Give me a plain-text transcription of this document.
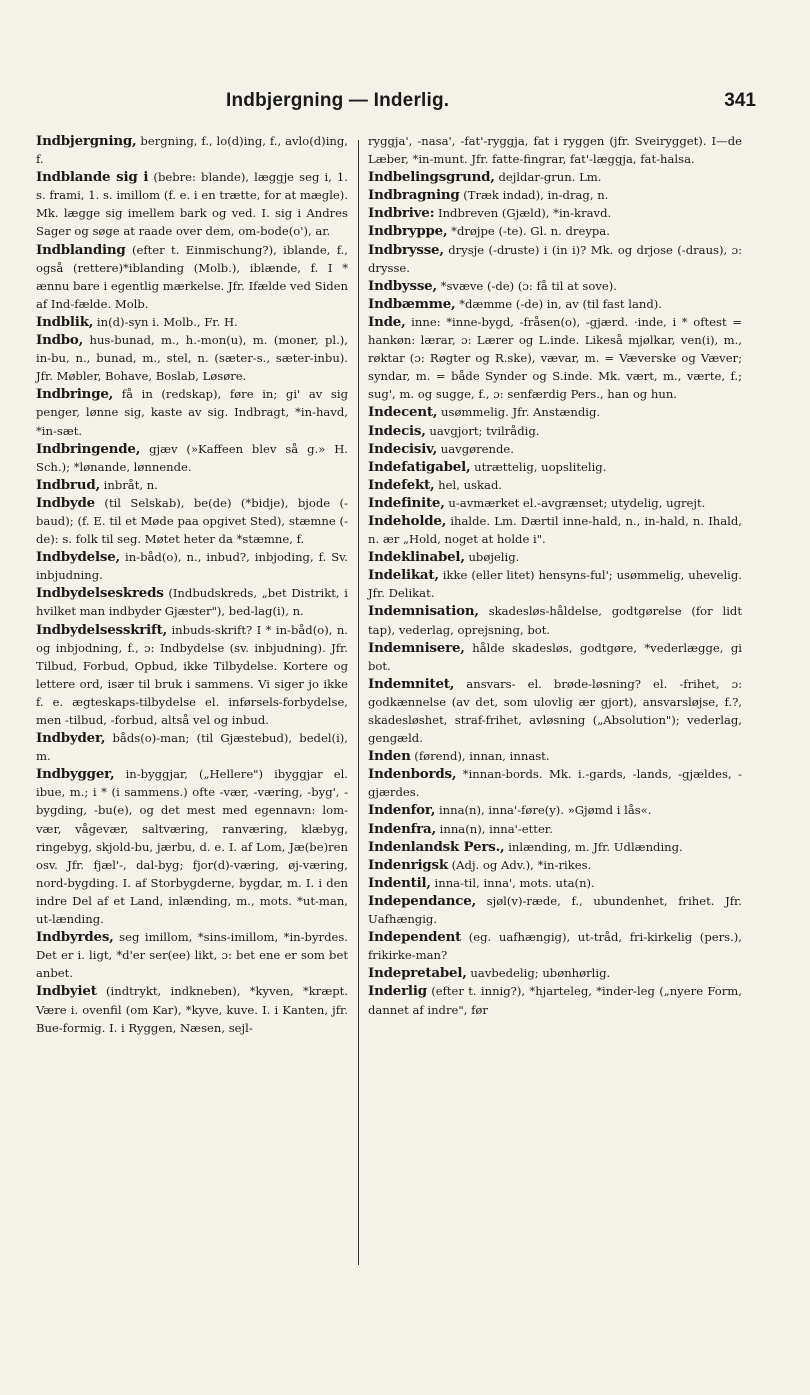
Indbjergning — Inderlig.	341

Indbjergning, bergning, f., lo(d)ing, f., avlo(d)ing, f.

Indblande sig i (bebre: blande), læggje seg i, 1. s. frami, 1. s. imillom (f. e. i en trætte, for at mægle). Mk. lægge sig imellem bark og ved. I. sig i Andres Sager og søge at raade over dem, om-bode(o'), ar.

Indblanding (efter t. Einmischung?), iblande, f., også (rettere)*iblanding (Molb.), iblænde, f. I * ænnu bare i egentlig mærkelse. Jfr. Ifælde ved Siden af Ind-fælde. Molb.

Indblik, in(d)-syn i. Molb., Fr. H.

Indbo, hus-bunad, m., h.-mon(u), m. (moner, pl.), in-bu, n., bunad, m., stel, n. (sæter-s., sæter-inbu). Jfr. Møbler, Bohave, Boslab, Løsøre.

Indbringe, få in (redskap), føre in; gi' av sig penger, lønne sig, kaste av sig. Indbragt, *in-havd, *in-sæt.

Indbringende, gjæv (»Kaffeen blev så g.» H. Sch.); *lønande, lønnende.

Indbrud, inbråt, n.

Indbyde (til Selskab), be(de) (*bidje), bjode (-baud); (f. E. til et Møde paa opgivet Sted), stæmne (-de): s. folk til seg. Møtet heter da *stæmne, f.

Indbydelse, in-båd(o), n., inbud?, inbjoding, f. Sv. inbjudning.

Indbydelseskreds (Indbudskreds, „bet Distrikt, i hvilket man indbyder Gjæster"), bed-lag(i), n.

Indbydelsesskrift, inbuds-skrift? I * in-båd(o), n. og inbjodning, f., ɔ: Indbydelse (sv. inbjudning). Jfr. Tilbud, Forbud, Opbud, ikke Tilbydelse. Kortere og lettere ord, især til bruk i sammens. Vi siger jo ikke f. e. ægteskaps-tilbydelse el. inførsels-forbydelse, men -tilbud, -forbud, altså vel og inbud.

Indbyder, båds(o)-man; (til Gjæstebud), bedel(i), m.

Indbygger, in-byggjar, („Hellere") ibyggjar el. ibue, m.; i * (i sammens.) ofte -vær, -væring, -byg', -bygding, -bu(e), og det mest med egennavn: lom-vær, vågevær, saltværing, ranværing, klæbyg, ringebyg, skjold-bu, jærbu, d. e. I. af Lom, Jæ(be)ren osv. Jfr. fjæl'-, dal-byg; fjor(d)-væring, øj-væring, nord-bygding. I. af Storbygderne, bygdar, m. I. i den indre Del af et Land, inlænding, m., mots. *ut-man, ut-lænding.

Indbyrdes, seg imillom, *sins-imillom, *in-byrdes. Det er i. ligt, *d'er ser(ee) likt, ɔ: bet ene er som bet anbet.

Indbyiet (indtrykt, indkneben), *kyven, *kræpt. Være i. ovenfil (om Kar), *kyve, kuve. I. i Kanten, jfr. Bue-formig. I. i Ryggen, Næsen, sejl-

ryggja', -nasa', -fat'-ryggja, fat i ryggen (jfr. Sveirygget). I—de Læber, *in-munt. Jfr. fatte-fingrar, fat'-læggja, fat-halsa.

Indbelingsgrund, dejldar-grun. Lm.

Indbragning (Træk indad), in-drag, n.

Indbrive: Indbreven (Gjæld), *in-kravd.

Indbryppe, *drøjpe (-te). Gl. n. dreypa.

Indbrysse, drysje (-druste) i (in i)? Mk. og drjose (-draus), ɔ: drysse.

Indbysse, *svæve (-de) (ɔ: få til at sove).

Indbæmme, *dæmme (-de) in, av (til fast land).

Inde, inne: *inne-bygd, -fråsen(o), -gjærd. ·inde, i * oftest = hankøn: lærar, ɔ: Lærer og L.inde. Likeså mjølkar, ven(i), m., røktar (ɔ: Røgter og R.ske), vævar, m. = Væverske og Væver; syndar, m. = både Synder og S.inde. Mk. vært, m., værte, f.; sug', m. og sugge, f., ɔ: senfærdig Pers., han og hun.

Indecent, usømmelig. Jfr. Anstændig.

Indecis, uavgjort; tvilrådig.

Indecisiv, uavgørende.

Indefatigabel, utrættelig, uopslitelig.

Indefekt, hel, uskad.

Indefinite, u-avmærket el.-avgrænset; utydelig, ugrejt.

Indeholde, ihalde. Lm. Dærtil inne-hald, n., in-hald, n. Ihald, n. ær „Hold, noget at holde i".

Indeklinabel, ubøjelig.

Indelikat, ikke (eller litet) hensyns-ful'; usømmelig, uhevelig. Jfr. Delikat.

Indemnisation, skadesløs-håldelse, godtgørelse (for lidt tap), vederlag, oprejsning, bot.

Indemnisere, hålde skadesløs, godtgøre, *vederlægge, gi bot.

Indemnitet, ansvars- el. brøde-løsning? el. -frihet, ɔ: godkænnelse (av det, som ulovlig ær gjort), ansvarsløjse, f.?, skadesløshet, straf-frihet, avløsning („Absolution"); vederlag, gengæld.

Inden (førend), innan, innast.

Indenbords, *innan-bords. Mk. i.-gards, -lands, -gjældes, -gjærdes.

Indenfor, inna(n), inna'-føre(y). »Gjømd i lås«.

Indenfra, inna(n), inna'-etter.

Indenlandsk Pers., inlænding, m. Jfr. Udlænding.

Indenrigsk (Adj. og Adv.), *in-rikes.

Indentil, inna-til, inna', mots. uta(n).

Independance, sjøl(v)-ræde, f., ubundenhet, frihet. Jfr. Uafhængig.

Independent (eg. uafhængig), ut-tråd, fri-kirkelig (pers.), frikirke-man?

Indepretabel, uavbedelig; ubønhørlig.

Inderlig (efter t. innig?), *hjarteleg, *inder-leg („nyere Form, dannet af indre", før
